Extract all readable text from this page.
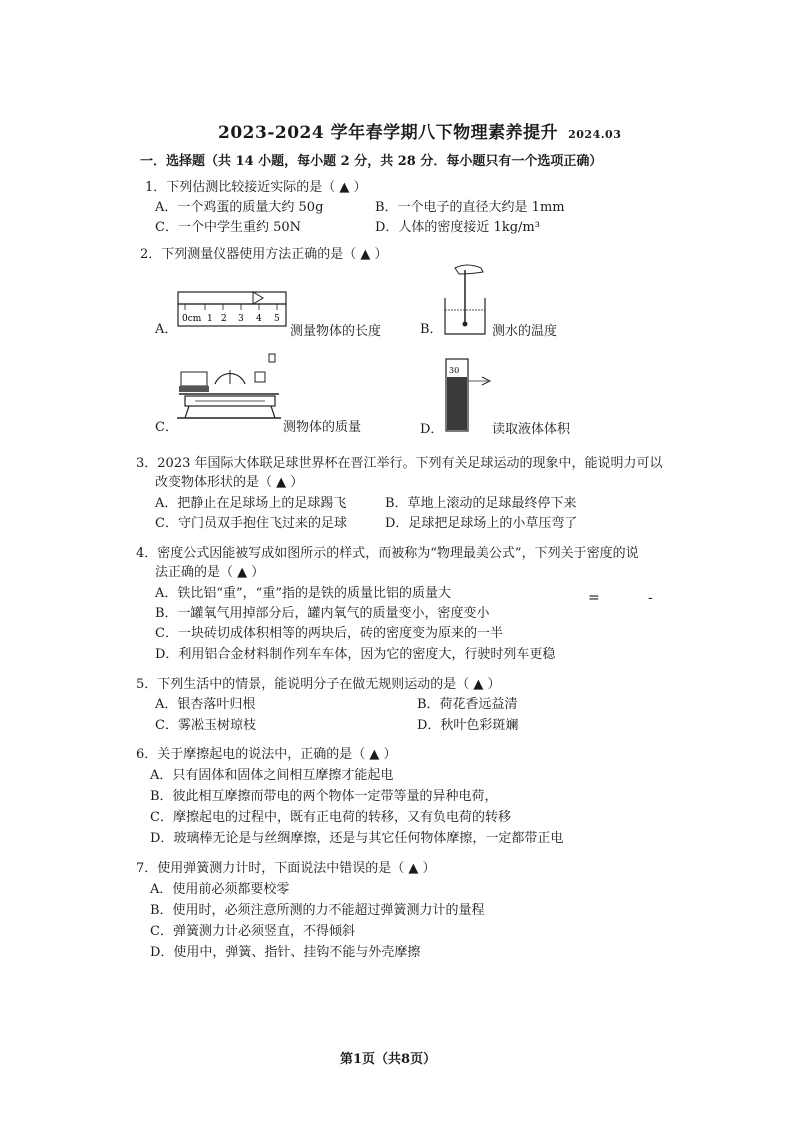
2023-2024 学年春学期八下物理素养提升 2024.03
一．选择题（共 14 小题，每小题 2 分，共 28 分．每小题只有一个选项正确）
1．下列估测比较接近实际的是（ ▲ ）
A．一个鸡蛋的质量大约 50g	B．一个电子的直径大约是 1mm
C．一个中学生重约 50N	D．人体的密度接近 1kg/m³
2．下列测量仪器使用方法正确的是（ ▲ ）
A．
0cm 1 2 3 4 5
测量物体的长度	B．	测水的温度
C．	测物体的质量	D．
30
读取液体体积
3．2023 年国际大体联足球世界杯在晋江举行。下列有关足球运动的现象中，能说明力可以
改变物体形状的是（ ▲ ）
A．把静止在足球场上的足球踢飞	B．草地上滚动的足球最终停下来
C．守门员双手抱住飞过来的足球	D．足球把足球场上的小草压弯了
4．密度公式因能被写成如图所示的样式，而被称为“物理最美公式”，下列关于密度的说
法正确的是（ ▲ ）
A．铁比铝“重”，“重”指的是铁的质量比铝的质量大
B．一罐氧气用掉部分后，罐内氧气的质量变小，密度变小
C．一块砖切成体积相等的两块后，砖的密度变为原来的一半
D．利用铝合金材料制作列车车体，因为它的密度大，行驶时列车更稳
=	-
5．下列生活中的情景，能说明分子在做无规则运动的是（ ▲ ）
A．银杏落叶归根	B．荷花香远益清
C．雾凇玉树琼枝	D．秋叶色彩斑斓
6．关于摩擦起电的说法中，正确的是（ ▲ ）
A．只有固体和固体之间相互摩擦才能起电
B．彼此相互摩擦而带电的两个物体一定带等量的异种电荷，
C．摩擦起电的过程中，既有正电荷的转移，又有负电荷的转移
D．玻璃棒无论是与丝绸摩擦，还是与其它任何物体摩擦，一定都带正电
7．使用弹簧测力计时，下面说法中错误的是（ ▲ ）
A．使用前必须都要校零
B．使用时，必须注意所测的力不能超过弹簧测力计的量程
C．弹簧测力计必须竖直，不得倾斜
D．使用中，弹簧、指针、挂钩不能与外壳摩擦
第1页（共8页）
